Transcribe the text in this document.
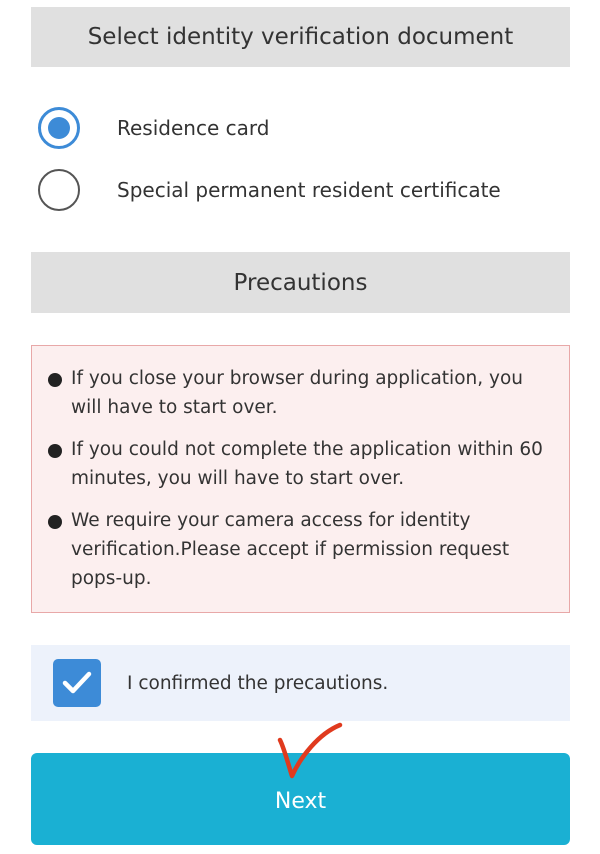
Select identity verification document
Residence card
Special permanent resident certificate
Precautions
If you close your browser during application, you will have to start over.
If you could not complete the application within 60 minutes, you will have to start over.
We require your camera access for identity verification.Please accept if permission request pops-up.
I confirmed the precautions.
Next
